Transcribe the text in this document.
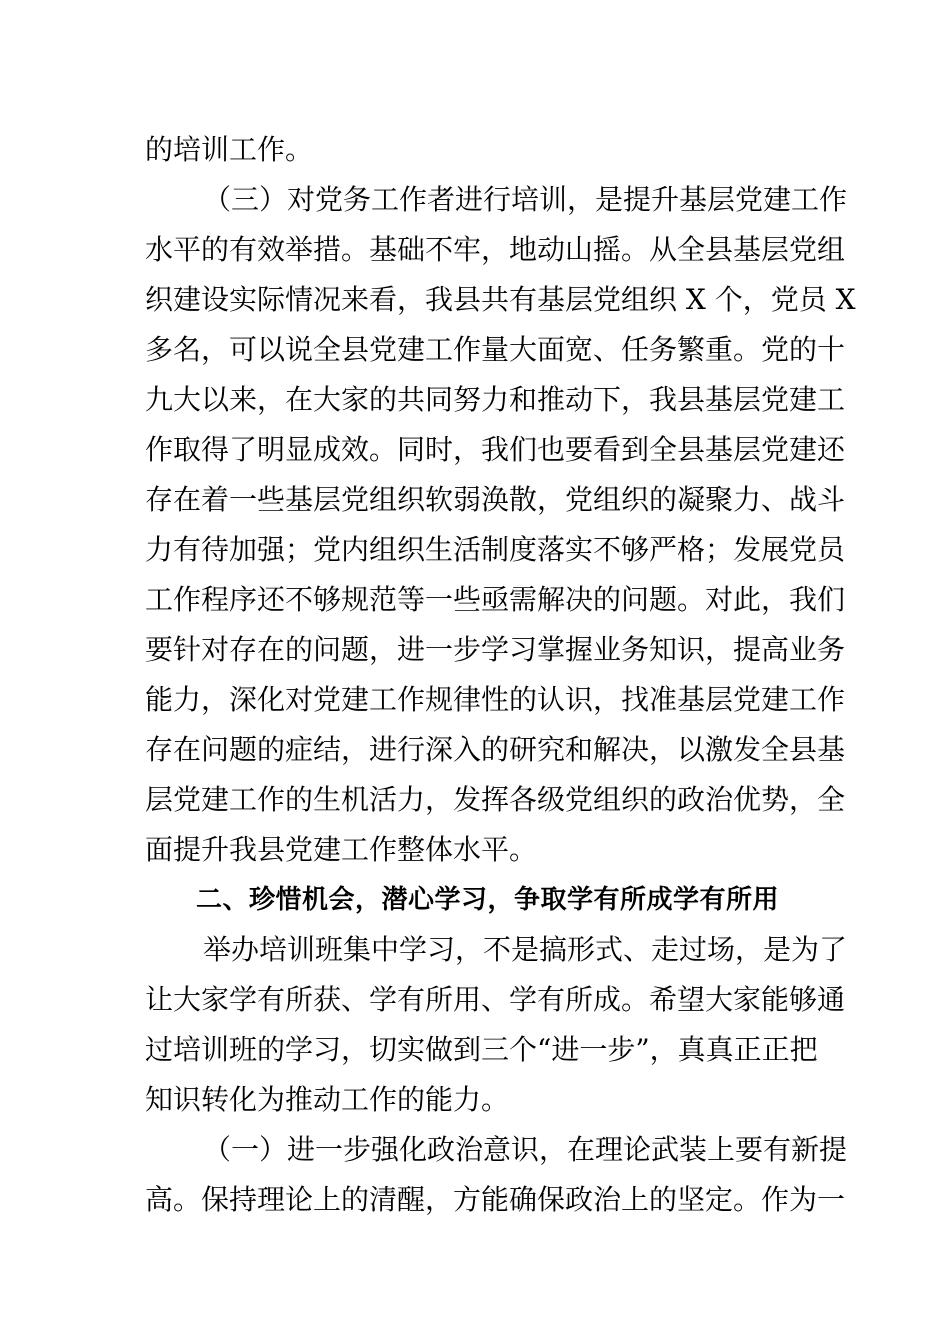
的培训工作。
（三）对党务工作者进行培训，是提升基层党建工作
水平的有效举措。基础不牢，地动山摇。从全县基层党组
织建设实际情况来看，我县共有基层党组织 X 个，党员 X
多名，可以说全县党建工作量大面宽、任务繁重。党的十
九大以来，在大家的共同努力和推动下，我县基层党建工
作取得了明显成效。同时，我们也要看到全县基层党建还
存在着一些基层党组织软弱涣散，党组织的凝聚力、战斗
力有待加强；党内组织生活制度落实不够严格；发展党员
工作程序还不够规范等一些亟需解决的问题。对此，我们
要针对存在的问题，进一步学习掌握业务知识，提高业务
能力，深化对党建工作规律性的认识，找准基层党建工作
存在问题的症结，进行深入的研究和解决，以激发全县基
层党建工作的生机活力，发挥各级党组织的政治优势，全
面提升我县党建工作整体水平。
二、珍惜机会，潜心学习，争取学有所成学有所用
举办培训班集中学习，不是搞形式、走过场，是为了
让大家学有所获、学有所用、学有所成。希望大家能够通
过培训班的学习，切实做到三个“进一步”，真真正正把
知识转化为推动工作的能力。
（一）进一步强化政治意识，在理论武装上要有新提
高。保持理论上的清醒，方能确保政治上的坚定。作为一
